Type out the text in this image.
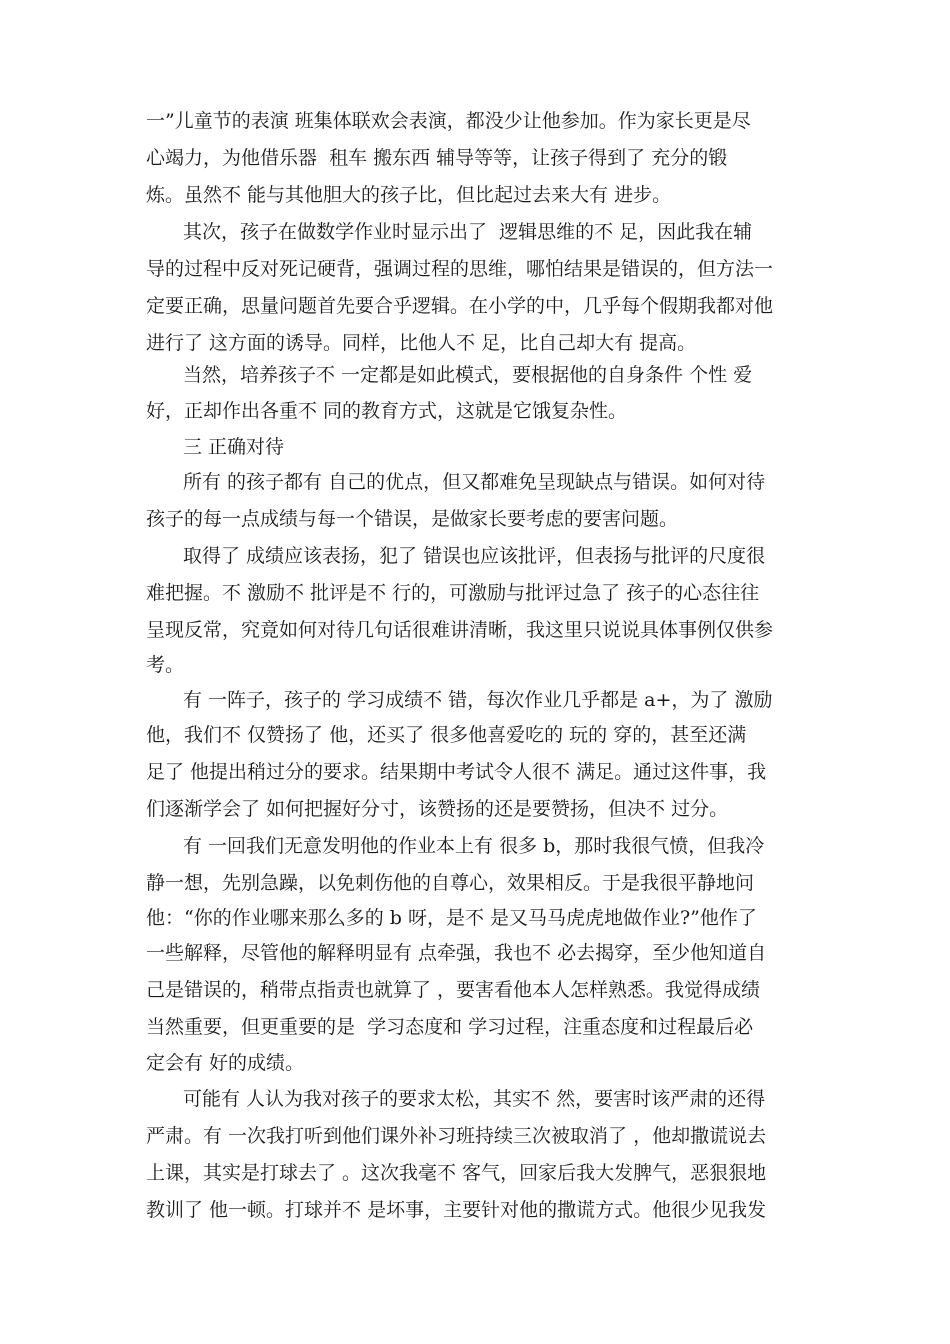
一”儿童节的表演 班集体联欢会表演，都没少让他参加。作为家长更是尽
心竭力，为他借乐器  租车 搬东西 辅导等等，让孩子得到了 充分的锻
炼。虽然不 能与其他胆大的孩子比，但比起过去来大有 进步。
其次，孩子在做数学作业时显示出了  逻辑思维的不 足，因此我在辅
导的过程中反对死记硬背，强调过程的思维，哪怕结果是错误的，但方法一
定要正确，思量问题首先要合乎逻辑。在小学的中，几乎每个假期我都对他
进行了 这方面的诱导。同样，比他人不 足，比自己却大有 提高。
当然，培养孩子不 一定都是如此模式，要根据他的自身条件 个性 爱
好，正却作出各重不 同的教育方式，这就是它饿复杂性。
三 正确对待
所有 的孩子都有 自己的优点，但又都难免呈现缺点与错误。如何对待
孩子的每一点成绩与每一个错误，是做家长要考虑的要害问题。
取得了 成绩应该表扬，犯了 错误也应该批评，但表扬与批评的尺度很
难把握。不 激励不 批评是不 行的，可激励与批评过急了 孩子的心态往往
呈现反常，究竟如何对待几句话很难讲清晰，我这里只说说具体事例仅供参
考。
有 一阵子，孩子的 学习成绩不 错，每次作业几乎都是 a+，为了 激励
他，我们不 仅赞扬了 他，还买了 很多他喜爱吃的 玩的 穿的，甚至还满
足了 他提出稍过分的要求。结果期中考试令人很不 满足。通过这件事，我
们逐渐学会了 如何把握好分寸，该赞扬的还是要赞扬，但决不 过分。
有 一回我们无意发明他的作业本上有 很多 b，那时我很气愤，但我冷
静一想，先别急躁，以免刺伤他的自尊心，效果相反。于是我很平静地问
他：“你的作业哪来那么多的 b 呀，是不 是又马马虎虎地做作业?”他作了
一些解释，尽管他的解释明显有 点牵强，我也不 必去揭穿，至少他知道自
己是错误的，稍带点指责也就算了 ，要害看他本人怎样熟悉。我觉得成绩
当然重要，但更重要的是  学习态度和 学习过程，注重态度和过程最后必
定会有 好的成绩。
可能有 人认为我对孩子的要求太松，其实不 然，要害时该严肃的还得
严肃。有 一次我打听到他们课外补习班持续三次被取消了 ，他却撒谎说去
上课，其实是打球去了 。这次我毫不 客气，回家后我大发脾气，恶狠狠地
教训了 他一顿。打球并不 是坏事，主要针对他的撒谎方式。他很少见我发
